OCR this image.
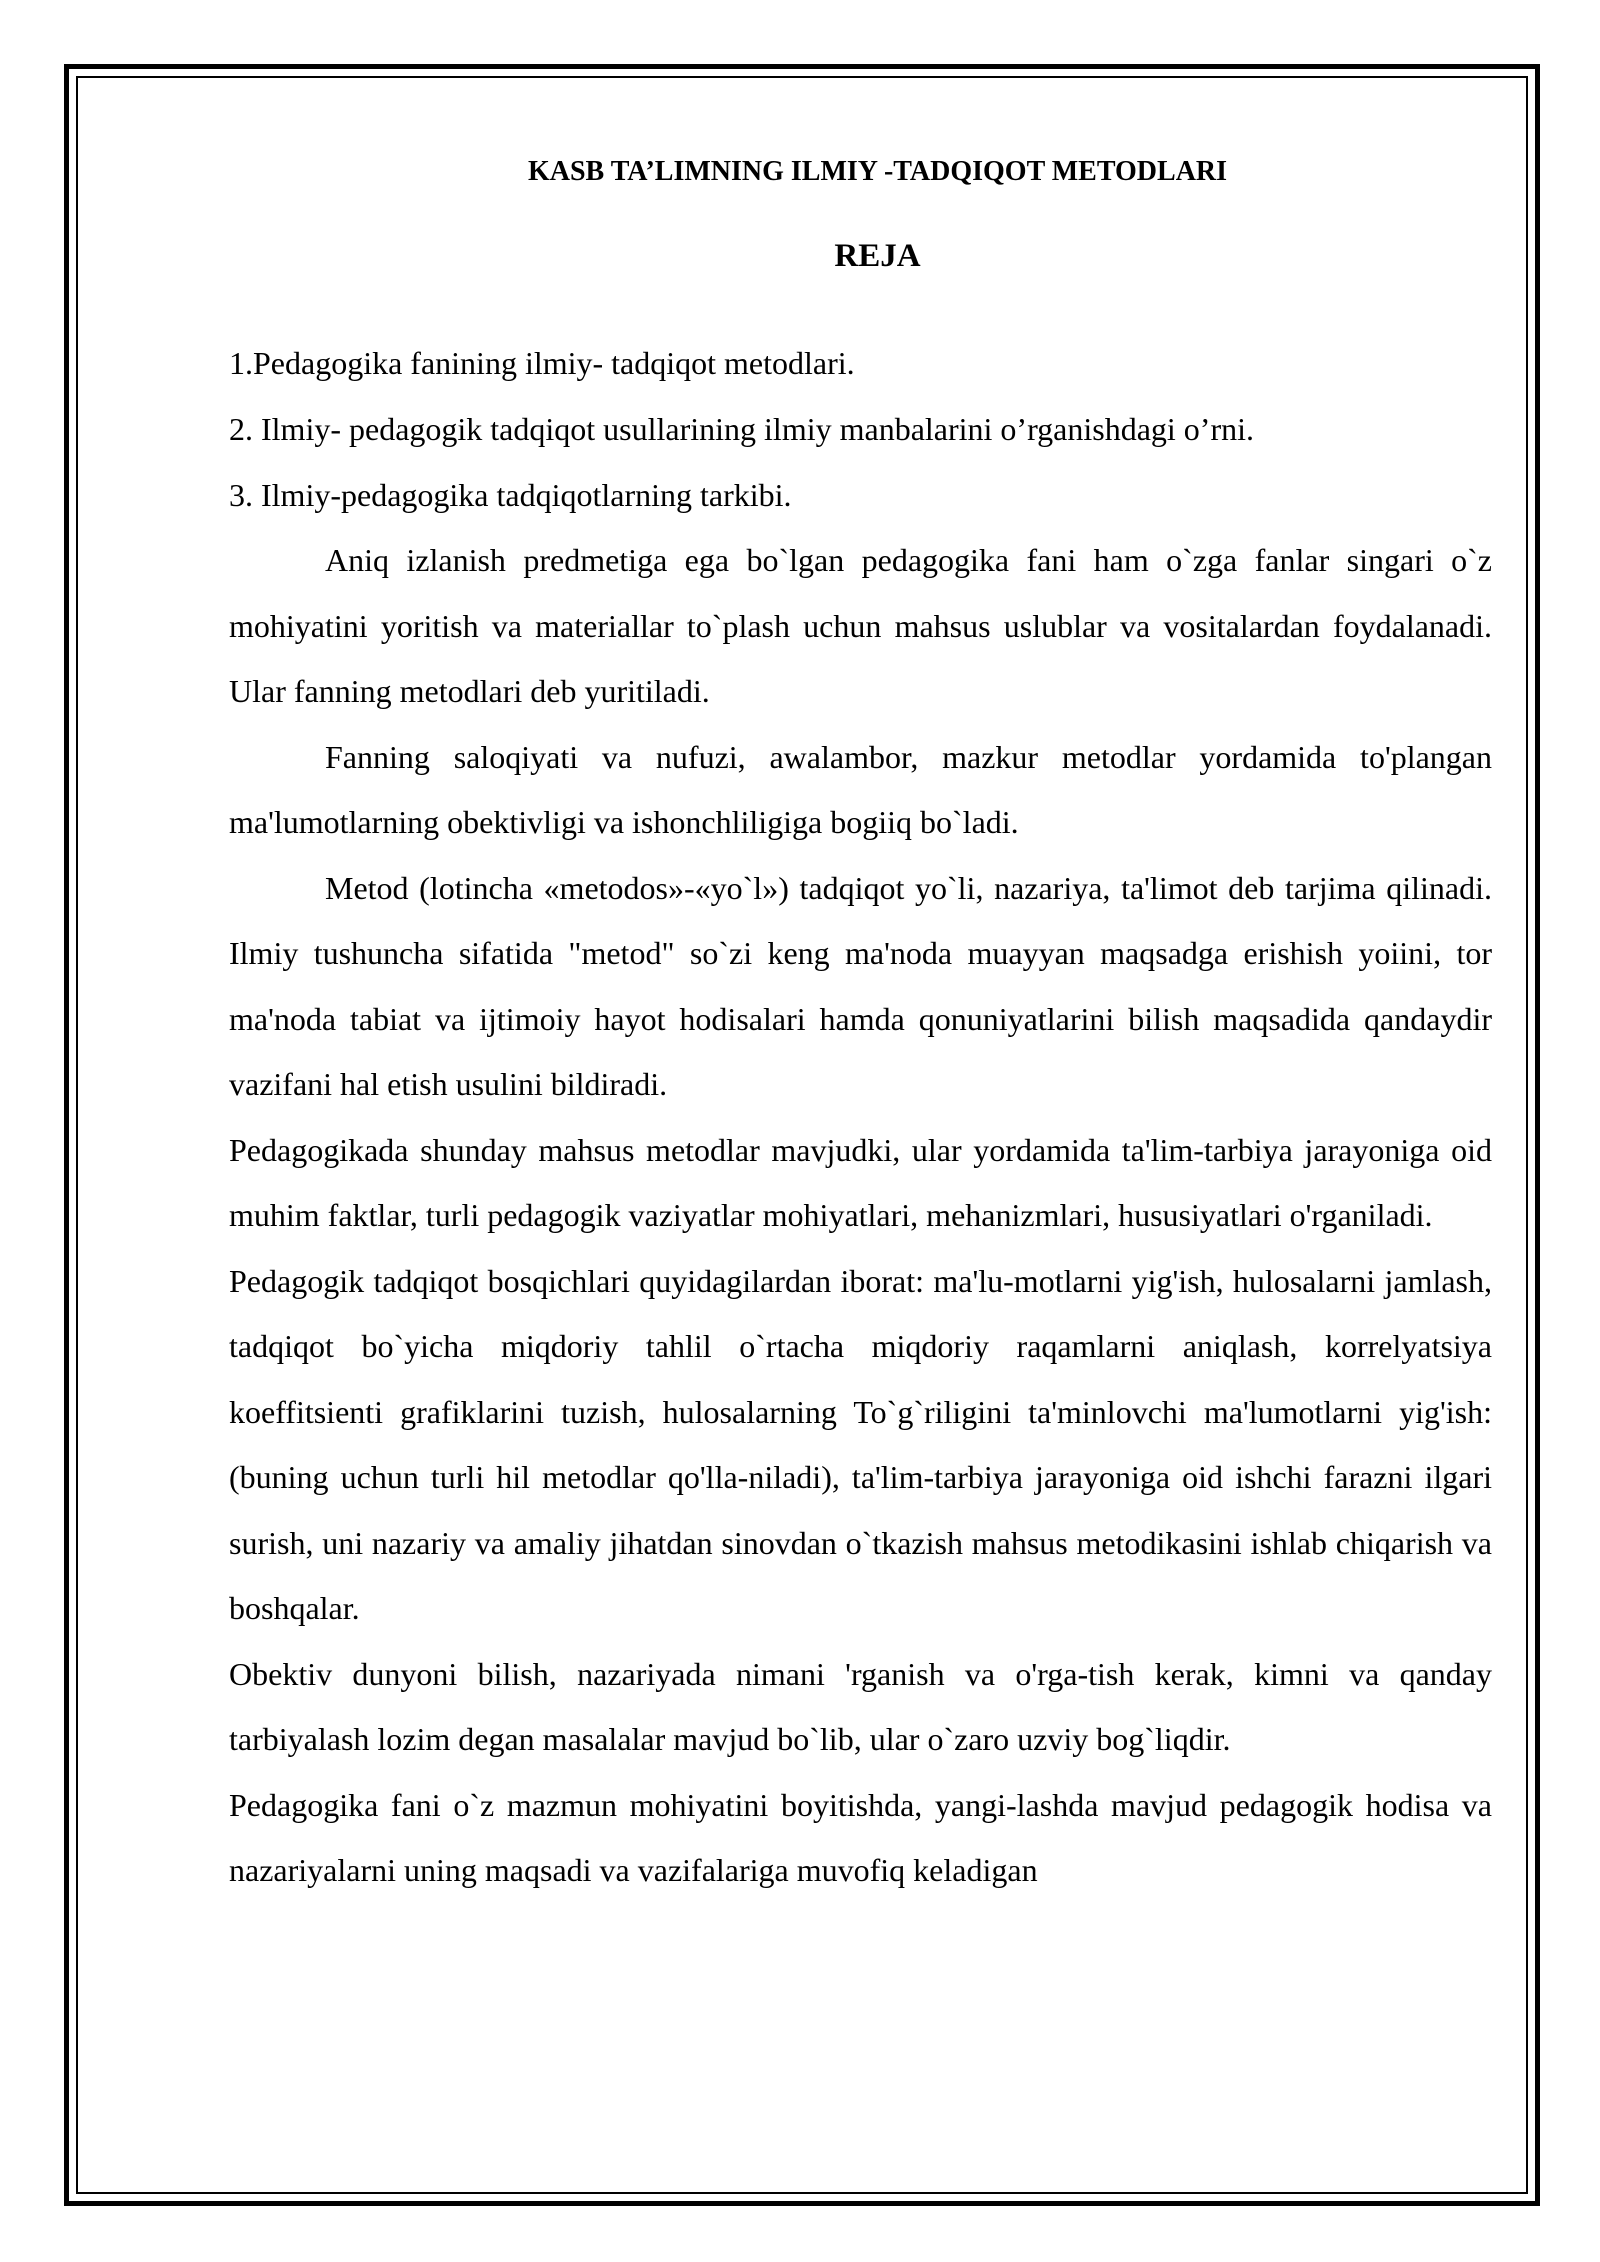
KASB TA’LIMNING ILMIY -TADQIQOT METODLARI

REJA

1.Pedagogika fanining ilmiy- tadqiqot metodlari.

2. Ilmiy- pedagogik tadqiqot usullarining ilmiy manbalarini o’rganishdagi o’rni.

3. Ilmiy-pedagogika tadqiqotlarning tarkibi.

Aniq izlanish predmetiga ega bo`lgan pedagogika fani ham o`zga fanlar singari o`z mohiyatini yoritish va materiallar to`plash uchun mahsus uslublar va vositalardan foydalanadi. Ular fanning metodlari deb yuritiladi.

Fanning saloqiyati va nufuzi, awalambor, mazkur metodlar yordamida to'plangan ma'lumotlarning obektivligi va ishonchliligiga bogiiq bo`ladi.

Metod (lotincha «metodos»-«yo`l») tadqiqot yo`li, nazariya, ta'limot deb tarjima qilinadi. Ilmiy tushuncha sifatida "metod" so`zi keng ma'noda muayyan maqsadga erishish yoiini, tor ma'noda tabiat va ijtimoiy hayot hodisalari hamda qonuniyatlarini bilish maqsadida qandaydir vazifani hal etish usulini bildiradi.

Pedagogikada shunday mahsus metodlar mavjudki, ular yordamida ta'lim-tarbiya jarayoniga oid muhim faktlar, turli pedagogik vaziyatlar mohiyatlari, mehanizmlari, hususiyatlari o'rganiladi.

Pedagogik tadqiqot bosqichlari quyidagilardan iborat: ma'lu-motlarni yig'ish, hulosalarni jamlash, tadqiqot bo`yicha miqdoriy tahlil o`rtacha miqdoriy raqamlarni aniqlash, korrelyatsiya koeffitsienti grafiklarini tuzish, hulosalarning To`g`riligini ta'minlovchi ma'lumotlarni yig'ish: (buning uchun turli hil metodlar qo'lla-niladi), ta'lim-tarbiya jarayoniga oid ishchi farazni ilgari surish, uni nazariy va amaliy jihatdan sinovdan o`tkazish mahsus metodikasini ishlab chiqarish va boshqalar.

Obektiv dunyoni bilish, nazariyada nimani 'rganish va o'rga-tish kerak, kimni va qanday tarbiyalash lozim degan masalalar mavjud bo`lib, ular o`zaro uzviy bog`liqdir.

Pedagogika fani o`z mazmun mohiyatini boyitishda, yangi-lashda mavjud pedagogik hodisa va nazariyalarni uning maqsadi va vazifalariga muvofiq keladigan
